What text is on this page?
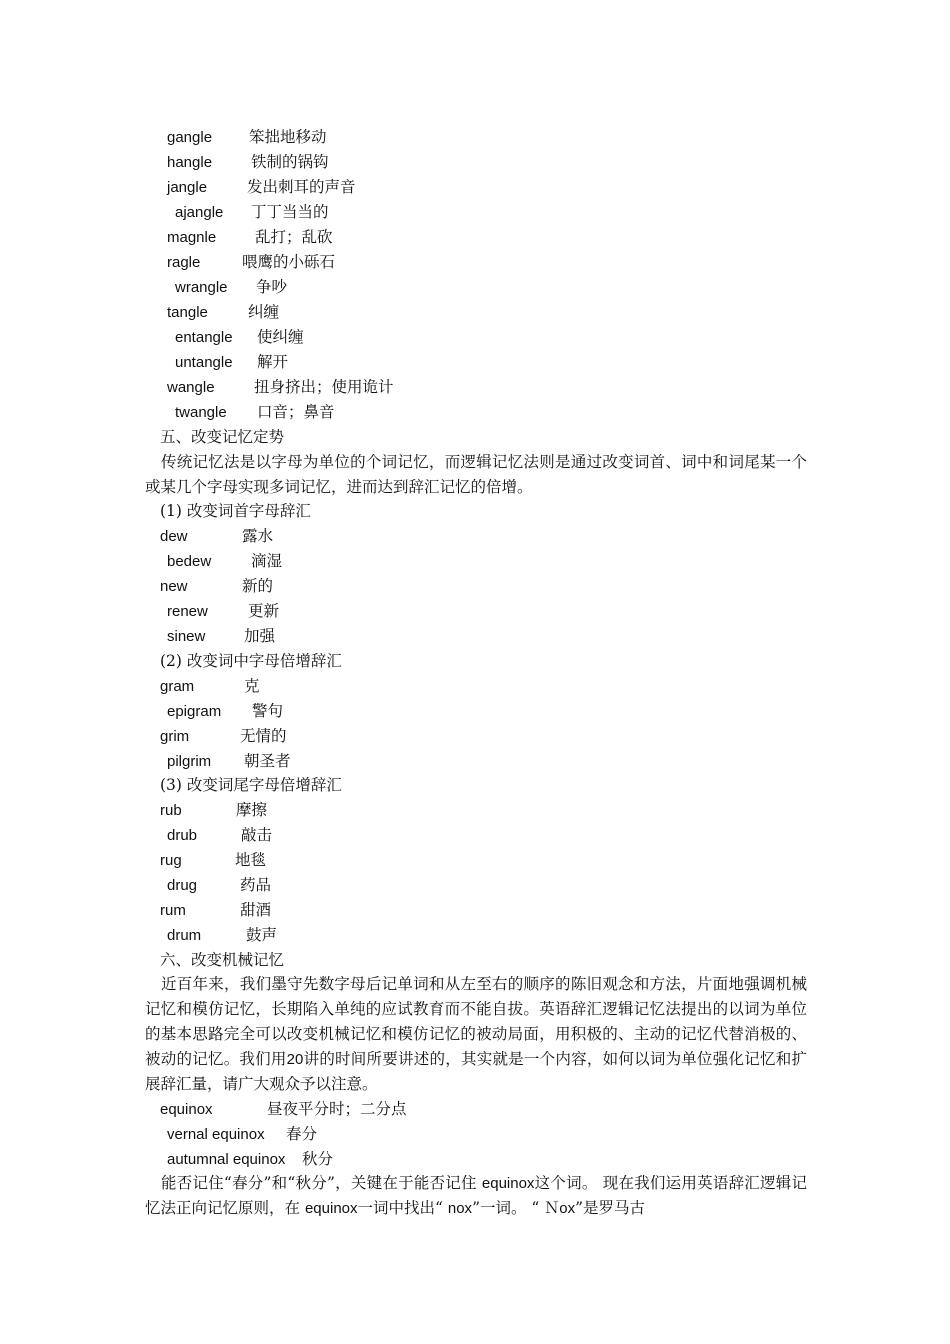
gangle 笨拙地移动
hangle	铁制的锅钩
jangle	发出刺耳的声音
ajangle 丁丁当当的
magnle	乱打；乱砍
ragle	喂鹰的小砾石
wrangle 争吵
tangle	纠缠
entangle 使纠缠
untangle 解开
wangle	扭身挤出；使用诡计
twangle 口音；鼻音
五、改变记忆定势
传统记忆法是以字母为单位的个词记忆，而逻辑记忆法则是通过改变词首、词中和词尾某一个或某几个字母实现多词记忆，进而达到辞汇记忆的倍增。
(1) 改变词首字母辞汇
dew	露水
bedew	滴湿
new	新的
renew	更新
sinew 加强
(2) 改变词中字母倍增辞汇
gram	克
epigram 警句
grim	无情的
pilgrim 朝圣者
(3) 改变词尾字母倍增辞汇
rub	摩擦
drub	敲击
rug	地毯
drug	药品
rum	甜酒
drum	鼓声
六、改变机械记忆
近百年来，我们墨守先数字母后记单词和从左至右的顺序的陈旧观念和方法，片面地强调机械记忆和模仿记忆，长期陷入单纯的应试教育而不能自拔。英语辞汇逻辑记忆法提出的以词为单位的基本思路完全可以改变机械记忆和模仿记忆的被动局面，用积极的、主动的记忆代替消极的、被动的记忆。我们用20讲的时间所要讲述的，其实就是一个内容，如何以词为单位强化记忆和扩展辞汇量，请广大观众予以注意。
equinox	昼夜平分时；二分点
vernal equinox 春分
autumnal equinox 秋分
能否记住“春分”和“秋分”，关键在于能否记住 equinox这个词。 现在我们运用英语辞汇逻辑记忆法正向记忆原则，在 equinox一词中找出“ nox”一词。 “ Ｎox”是罗马古
